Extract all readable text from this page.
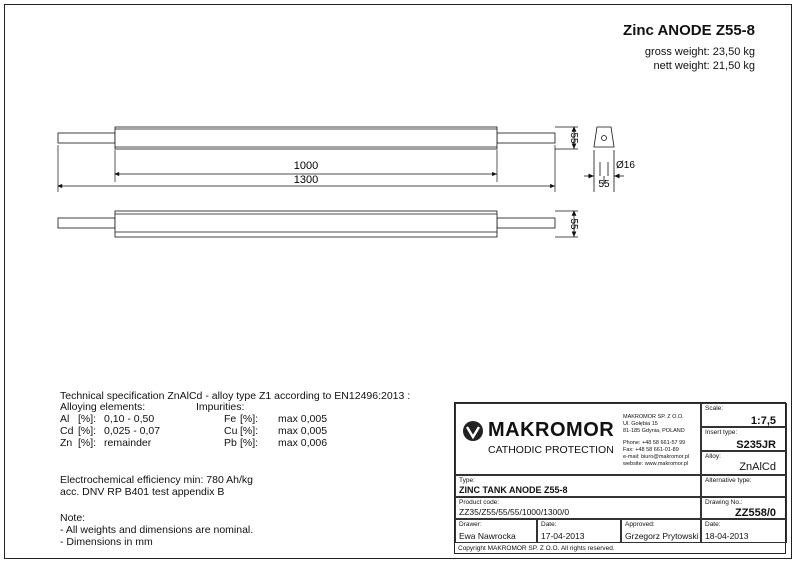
Zinc ANODE Z55-8
gross weight: 23,50 kg
nett weight: 21,50 kg
1000
1300
55
55
55
Ø16
Technical specification ZnAlCd - alloy type Z1 according to EN12496:2013 :
Alloying elements:	Impurities:
Al [%]: 0,10 - 0,50
Cd [%]: 0,025 - 0,07
Zn [%]: remainder
Fe [%]: max 0,005
Cu [%]: max 0,005
Pb [%]: max 0,006
Electrochemical efficiency min: 780 Ah/kg
acc. DNV RP B401 test appendix B
Note:
- All weights and dimensions are nominal.
- Dimensions in mm
MAKROMOR
CATHODIC PROTECTION
MAKROMOR SP. Z O.O.
Ul. Gołębia 15
81-185 Gdynia, POLAND
Phone: +48 58 661-57 99
Fax: +48 58 661-01-89
e-mail: biuro@makromor.pl
website: www.makromor.pl
Scale:
1:7,5
Insert type:
S235JR
Alloy:
ZnAlCd
Type:
ZINC TANK ANODE Z55-8
Alternative type:
Product code:
ZZ35/Z55/55/55/1000/1300/0
Drawing No.:
ZZ558/0
Drawer:
Ewa Nawrocka
Date:
17-04-2013
Approved:
Grzegorz Prytowski
Date:
18-04-2013
Copyright MAKROMOR SP. Z O.O. All rights reserved.
